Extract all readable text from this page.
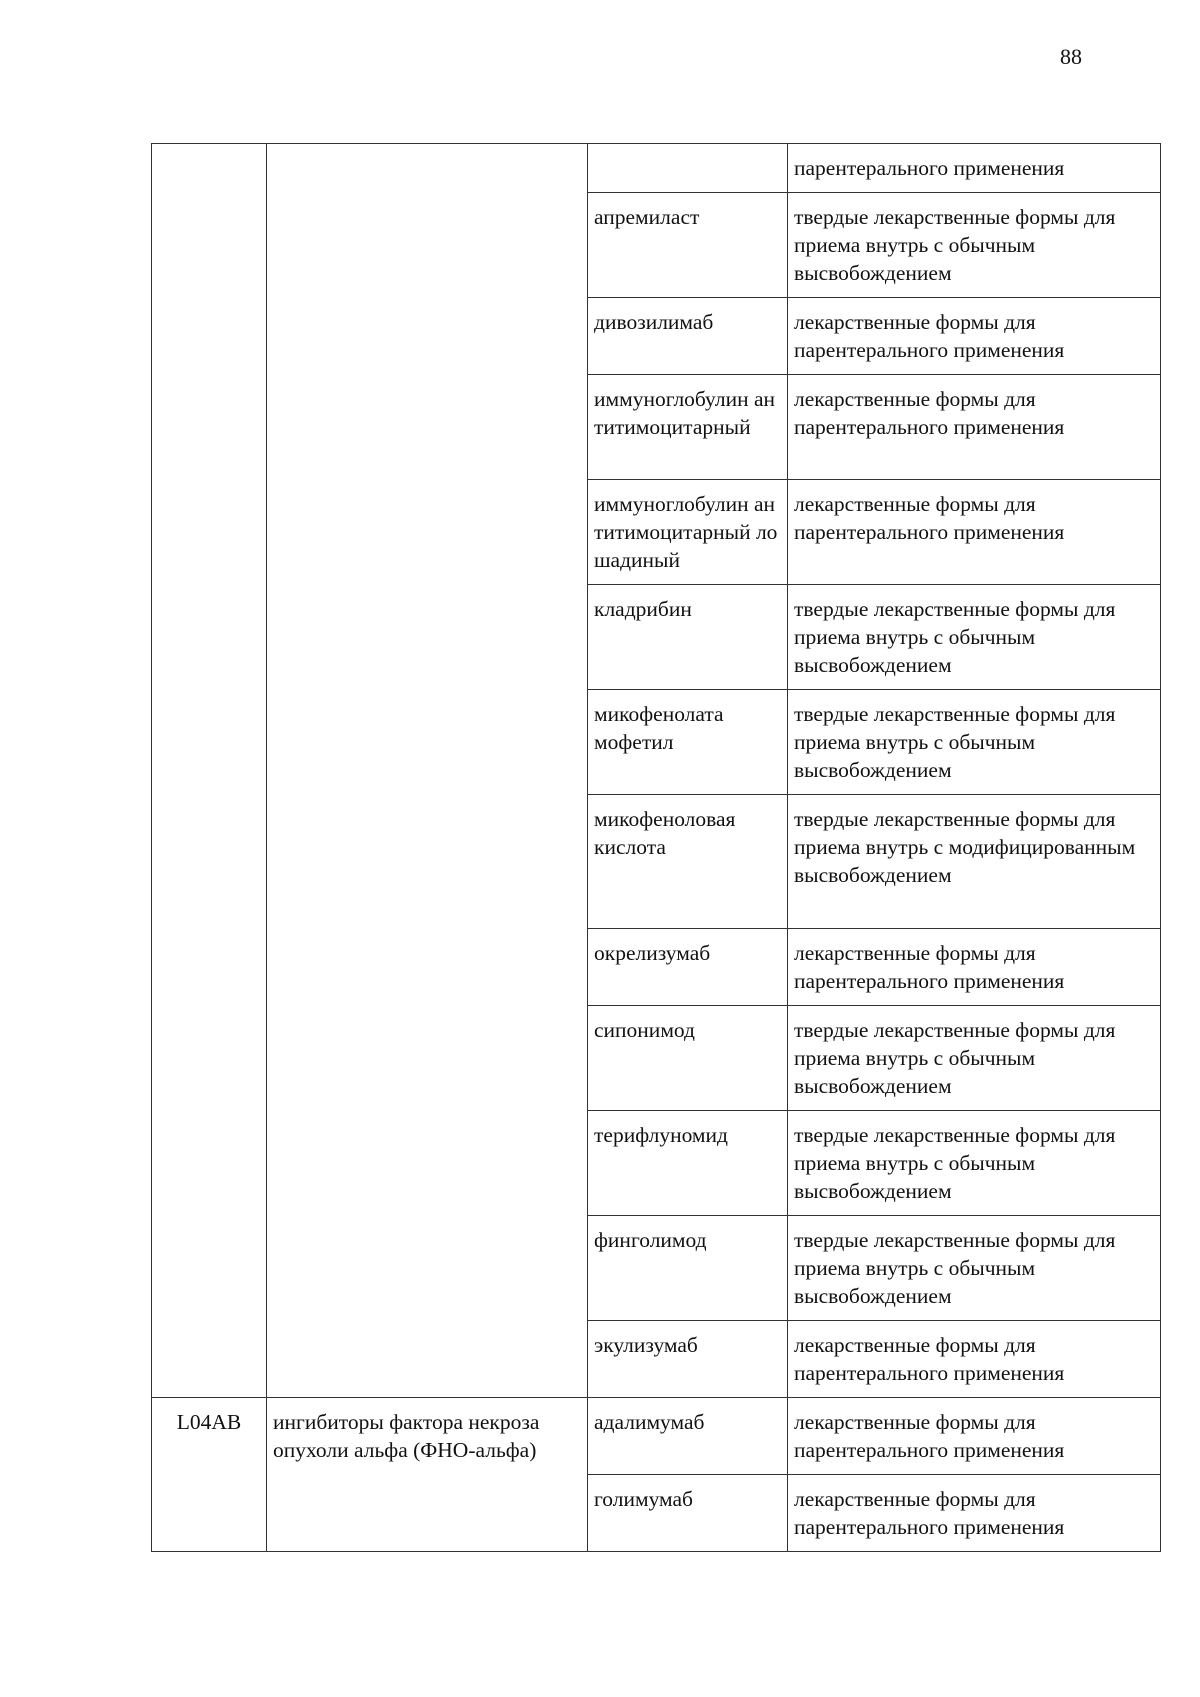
88
			парентерального применения
		апремиласт	твердые лекарственные формы для приема внутрь с обычным высвобождением
		дивозилимаб	лекарственные формы для парентерального применения
		иммуноглобулин антитимоцитарный	лекарственные формы для парентерального применения
		иммуноглобулин антитимоцитарный лошадиный	лекарственные формы для парентерального применения
		кладрибин	твердые лекарственные формы для приема внутрь с обычным высвобождением
		микофенолата мофетил	твердые лекарственные формы для приема внутрь с обычным высвобождением
		микофеноловая кислота	твердые лекарственные формы для приема внутрь с модифицированным высвобождением
		окрелизумаб	лекарственные формы для парентерального применения
		сипонимод	твердые лекарственные формы для приема внутрь с обычным высвобождением
		терифлуномид	твердые лекарственные формы для приема внутрь с обычным высвобождением
		финголимод	твердые лекарственные формы для приема внутрь с обычным высвобождением
		экулизумаб	лекарственные формы для парентерального применения
L04AB	ингибиторы фактора некроза опухоли альфа (ФНО-альфа)	адалимумаб	лекарственные формы для парентерального применения
		голимумаб	лекарственные формы для парентерального применения
